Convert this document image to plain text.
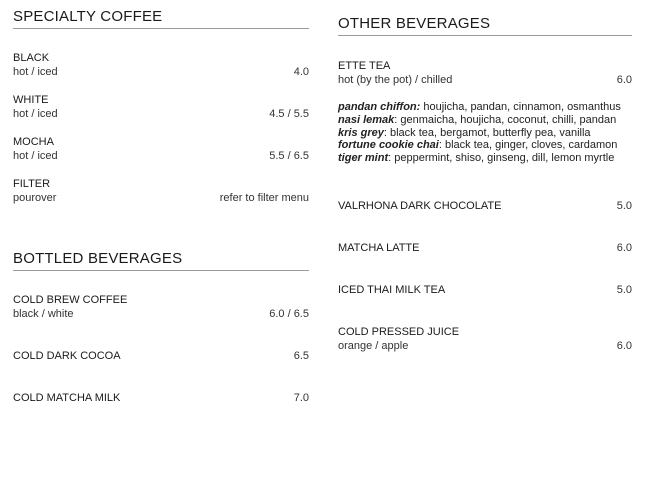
SPECIALTY COFFEE
BLACK
hot / iced	4.0
WHITE
hot / iced	4.5 / 5.5
MOCHA
hot / iced	5.5 / 6.5
FILTER
pourover	refer to filter menu
BOTTLED BEVERAGES
COLD BREW COFFEE
black / white	6.0 / 6.5
COLD DARK COCOA	6.5
COLD MATCHA MILK	7.0
OTHER BEVERAGES
ETTE TEA
hot (by the pot) / chilled	6.0
pandan chiffon: houjicha, pandan, cinnamon, osmanthus
nasi lemak: genmaicha, houjicha, coconut, chilli, pandan
kris grey: black tea, bergamot, butterfly pea, vanilla
fortune cookie chai: black tea, ginger, cloves, cardamon
tiger mint: peppermint, shiso, ginseng, dill, lemon myrtle
VALRHONA DARK CHOCOLATE	5.0
MATCHA LATTE	6.0
ICED THAI MILK TEA	5.0
COLD PRESSED JUICE
orange / apple	6.0
